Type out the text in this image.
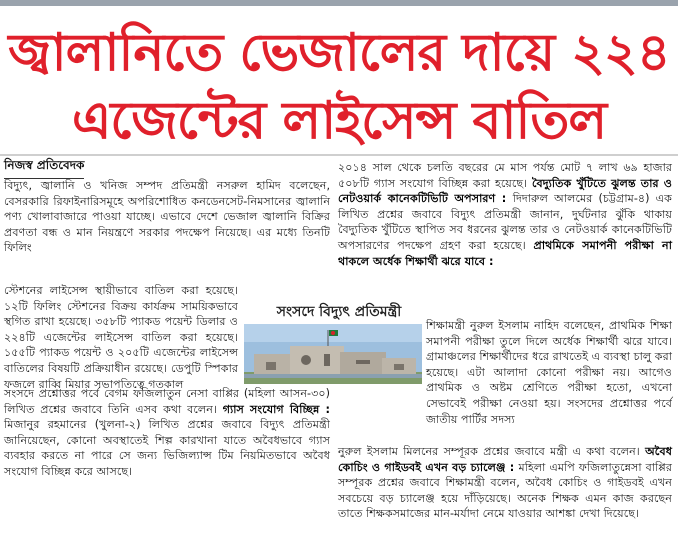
জ্বালানিতে ভেজালের দায়ে ২২৪
এজেন্টের লাইসেন্স বাতিল
নিজস্ব প্রতিবেদক

বিদ্যুৎ, জ্বালানি ও খনিজ সম্পদ প্রতিমন্ত্রী নসরুল হামিদ বলেছেন, বেসরকারি রিফাইনারিসমূহে অপরিশোধিত কনডেনসেট-নিমসানের জ্বালানি পণ্য খোলাবাজারে পাওয়া যাচ্ছে। এভাবে দেশে ভেজাল জ্বালানি বিক্রির প্রবণতা বন্ধ ও মান নিয়ন্ত্রণে সরকার পদক্ষেপ নিয়েছে। এর মধ্যে তিনটি ফিলিং

স্টেশনের লাইসেন্স স্থায়ীভাবে বাতিল করা হয়েছে। ১২টি ফিলিং স্টেশনের বিক্রয় কার্যক্রম সাময়িকভাবে স্থগিত রাখা হয়েছে। ৩৫৮টি প্যাকড পয়েন্ট ডিলার ও ২২৪টি এজেন্টের লাইসেন্স বাতিল করা হয়েছে। ১৫৫টি প্যাকড পয়েন্ট ও ২০৫টি এজেন্টের লাইসেন্স বাতিলের বিষয়টি প্রক্রিয়াধীন রয়েছে। ডেপুটি স্পিকার ফজলে রাব্বি মিয়ার সভাপতিত্বে গতকাল

সংসদে বিদ্যুৎ প্রতিমন্ত্রী

সংসদে প্রশ্নোত্তর পর্বে বেগম ফজিলাতুন নেসা বাপ্পির (মহিলা আসন-৩০) লিখিত প্রশ্নের জবাবে তিনি এসব কথা বলেন। গ্যাস সংযোগ বিচ্ছিন্ন : মিজানুর রহমানের (খুলনা-২) লিখিত প্রশ্নের জবাবে বিদ্যুৎ প্রতিমন্ত্রী জানিয়েছেন, কোনো অবস্থাতেই শিল্প কারখানা যাতে অবৈধভাবে গ্যাস ব্যবহার করতে না পারে সে জন্য ভিজিল্যান্স টিম নিয়মিতভাবে অবৈধ সংযোগ বিচ্ছিন্ন করে আসছে।

২০১৪ সাল থেকে চলতি বছরের মে মাস পর্যন্ত মোট ৭ লাখ ৬৯ হাজার ৫০৮টি গ্যাস সংযোগ বিচ্ছিন্ন করা হয়েছে। বৈদ্যুতিক খুঁটিতে ঝুলন্ত তার ও নেটওয়ার্ক কানেকটিভিটি অপসারণ : দিদারুল আলমের (চট্টগ্রাম-৪) এক লিখিত প্রশ্নের জবাবে বিদ্যুৎ প্রতিমন্ত্রী জানান, দুর্ঘটনার ঝুঁকি থাকায় বৈদ্যুতিক খুঁটিতে স্থাপিত সব ধরনের ঝুলন্ত তার ও নেটওয়ার্ক কানেকটিভিটি অপসারণের পদক্ষেপ গ্রহণ করা হয়েছে। প্রাথমিকে সমাপনী পরীক্ষা না থাকলে অর্ধেক শিক্ষার্থী ঝরে যাবে :

শিক্ষামন্ত্রী নুরুল ইসলাম নাহিদ বলেছেন, প্রাথমিক শিক্ষা সমাপনী পরীক্ষা তুলে দিলে অর্ধেক শিক্ষার্থী ঝরে যাবে। গ্রামাঞ্চলের শিক্ষার্থীদের ধরে রাখতেই এ ব্যবস্থা চালু করা হয়েছে। এটা আলাদা কোনো পরীক্ষা নয়। আগেও প্রাথমিক ও অষ্টম শ্রেণিতে পরীক্ষা হতো, এখনো সেভাবেই পরীক্ষা নেওয়া হয়। সংসদের প্রশ্নোত্তর পর্বে জাতীয় পার্টির সদস্য

নুরুল ইসলাম মিলনের সম্পূরক প্রশ্নের জবাবে মন্ত্রী এ কথা বলেন। অবৈধ কোচিং ও গাইডবই এখন বড় চ্যালেঞ্জ : মহিলা এমপি ফজিলাতুন্নেসা বাপ্পির সম্পূরক প্রশ্নের জবাবে শিক্ষামন্ত্রী বলেন, অবৈধ কোচিং ও গাইডবই এখন সবচেয়ে বড় চ্যালেঞ্জ হয়ে দাঁড়িয়েছে। অনেক শিক্ষক এমন কাজ করছেন তাতে শিক্ষকসমাজের মান-মর্যাদা নেমে যাওয়ার আশঙ্কা দেখা দিয়েছে।
